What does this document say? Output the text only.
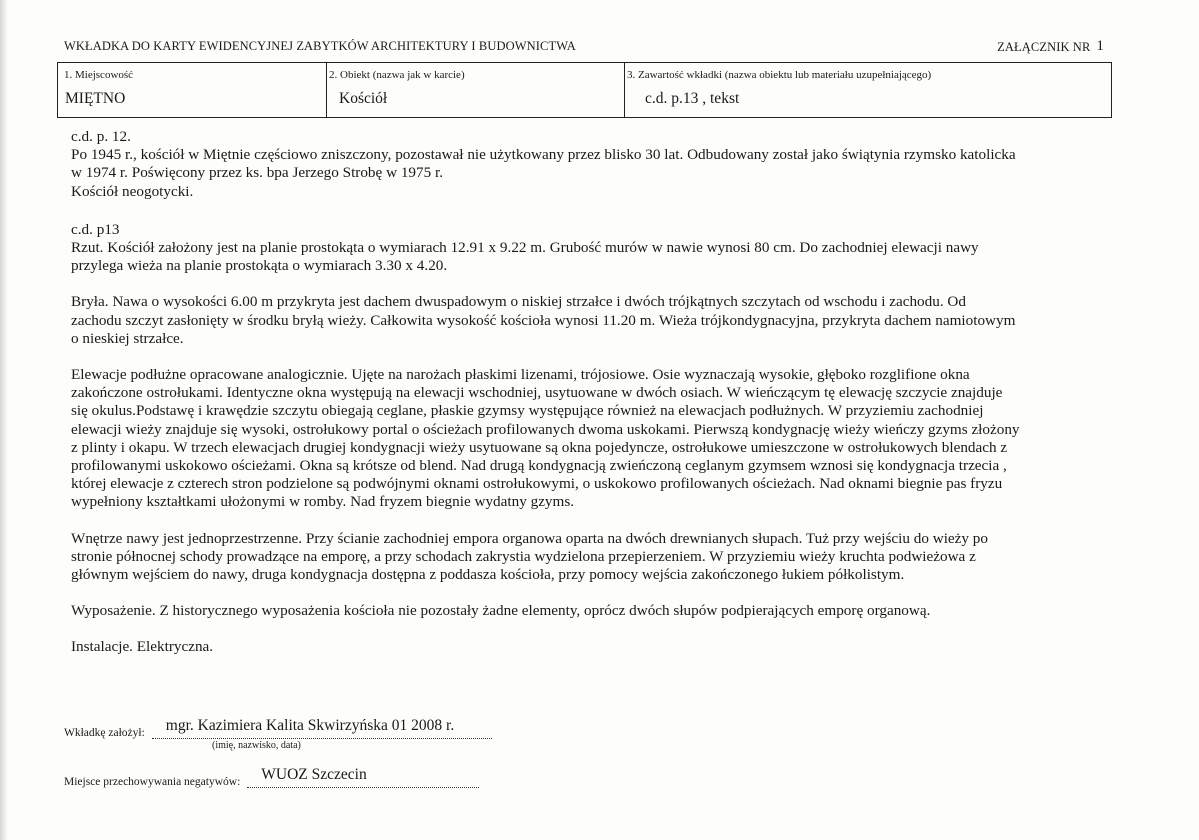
WKŁADKA DO KARTY EWIDENCYJNEJ ZABYTKÓW ARCHITEKTURY I BUDOWNICTWA	ZAŁĄCZNIK NR 1
1. Miejscowość
MIĘTNO

2. Obiekt (nazwa jak w karcie)
Kościół

3. Zawartość wkładki (nazwa obiektu lub materiału uzupełniającego)
c.d. p.13 , tekst

c.d. p. 12.

Po 1945 r., kościół w Miętnie częściowo zniszczony, pozostawał nie użytkowany przez blisko 30 lat. Odbudowany został jako świątynia rzymsko katolicka

w 1974 r. Poświęcony przez ks. bpa Jerzego Strobę w 1975 r.

Kościół neogotycki.

c.d. p13

Rzut. Kościół założony jest na planie prostokąta o wymiarach 12.91 x 9.22 m. Grubość murów w nawie wynosi 80 cm. Do zachodniej elewacji nawy

przylega wieża na planie prostokąta o wymiarach 3.30 x 4.20.

Bryła. Nawa o wysokości 6.00 m przykryta jest dachem dwuspadowym o niskiej strzałce i dwóch trójkątnych szczytach od wschodu i zachodu. Od

zachodu szczyt zasłonięty w środku bryłą wieży. Całkowita wysokość kościoła wynosi 11.20 m. Wieża trójkondygnacyjna, przykryta dachem namiotowym

o nieskiej strzałce.

Elewacje podłużne opracowane analogicznie. Ujęte na narożach płaskimi lizenami, trójosiowe. Osie wyznaczają wysokie, głęboko rozglifione okna

zakończone ostrołukami. Identyczne okna występują na elewacji wschodniej, usytuowane w dwóch osiach. W wieńczącym tę elewację szczycie znajduje

się okulus.Podstawę i krawędzie szczytu obiegają ceglane, płaskie gzymsy występujące również na elewacjach podłużnych. W przyziemiu zachodniej

elewacji wieży znajduje się wysoki, ostrołukowy portal o ościeżach profilowanych dwoma uskokami. Pierwszą kondygnację wieży wieńczy gzyms złożony

z plinty i okapu. W trzech elewacjach drugiej kondygnacji wieży usytuowane są okna pojedyncze, ostrołukowe umieszczone w ostrołukowych blendach z

profilowanymi uskokowo ościeżami. Okna są krótsze od blend. Nad drugą kondygnacją zwieńczoną ceglanym gzymsem wznosi się kondygnacja trzecia ,

której elewacje z czterech stron podzielone są podwójnymi oknami ostrołukowymi, o uskokowo profilowanych ościeżach. Nad oknami biegnie pas fryzu

wypełniony kształtkami ułożonymi w romby. Nad fryzem biegnie wydatny gzyms.

Wnętrze nawy jest jednoprzestrzenne. Przy ścianie zachodniej empora organowa oparta na dwóch drewnianych słupach. Tuż przy wejściu do wieży po

stronie północnej schody prowadzące na emporę, a przy schodach zakrystia wydzielona przepierzeniem. W przyziemiu wieży kruchta podwieżowa z

głównym wejściem do nawy, druga kondygnacja dostępna z poddasza kościoła, przy pomocy wejścia zakończonego łukiem półkolistym.

Wyposażenie. Z historycznego wyposażenia kościoła nie pozostały żadne elementy, oprócz dwóch słupów podpierających emporę organową.

Instalacje. Elektryczna.

Wkładkę założył: mgr. Kazimiera Kalita Skwirzyńska 01 2008 r.
(imię, nazwisko, data)
Miejsce przechowywania negatywów: WUOZ Szczecin
